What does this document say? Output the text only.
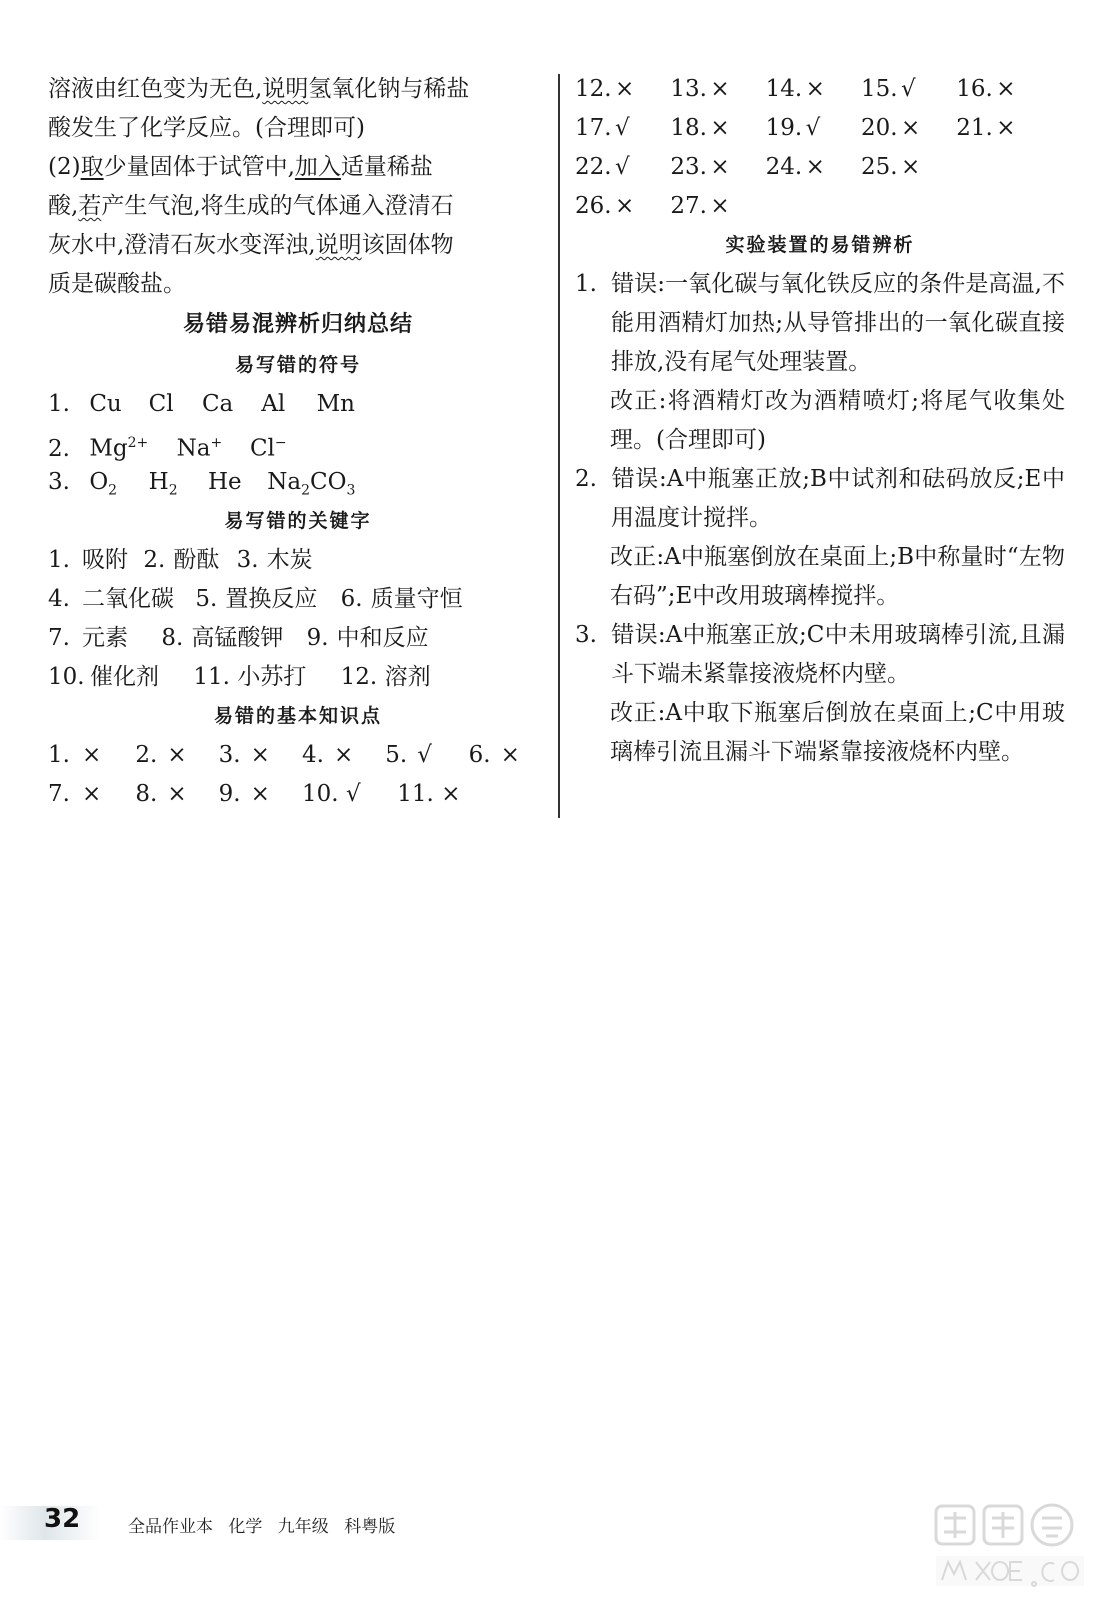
溶液由红色变为无色,说明氢氧化钠与稀盐
酸发生了化学反应。(合理即可)
(2)取少量固体于试管中,加入适量稀盐
酸,若产生气泡,将生成的气体通入澄清石
灰水中,澄清石灰水变浑浊,说明该固体物
质是碳酸盐。
易错易混辨析归纳总结
易写错的符号
1. Cu Cl Ca Al Mn
2. $Mg^{2+}$ Na+ Cl−
3. $O_2$ $H_2$ He $Na_2CO_3$
易写错的关键字
1. 吸附 2. 酚酞 3. 木炭
4. 二氧化碳 5. 置换反应 6. 质量守恒
7. 元素 8. 高锰酸钾 9. 中和反应
10. 催化剂 11. 小苏打 12. 溶剂
易错的基本知识点
1. × 2. × 3. × 4. × 5. √ 6. ×
7. × 8. × 9. × 10. √ 11. ×
12. × 13. × 14. × 15. √ 16. ×
17. √ 18. × 19. √ 20. × 21. ×
22. √ 23. × 24. × 25. ×
26. × 27. ×
实验装置的易错辨析
1. 错误:一氧化碳与氧化铁反应的条件是高温,不能用酒精灯加热;从导管排出的一氧化碳直接排放,没有尾气处理装置。
改正:将酒精灯改为酒精喷灯;将尾气收集处理。(合理即可)
2. 错误:A中瓶塞正放;B中试剂和砝码放反;E中用温度计搅拌。
改正:A中瓶塞倒放在桌面上;B中称量时“左物右码”;E中改用玻璃棒搅拌。
3. 错误:A中瓶塞正放;C中未用玻璃棒引流,且漏斗下端未紧靠接液烧杯内壁。
改正:A中取下瓶塞后倒放在桌面上;C中用玻璃棒引流且漏斗下端紧靠接液烧杯内壁。
32	全品作业本 化学 九年级 科粤版
